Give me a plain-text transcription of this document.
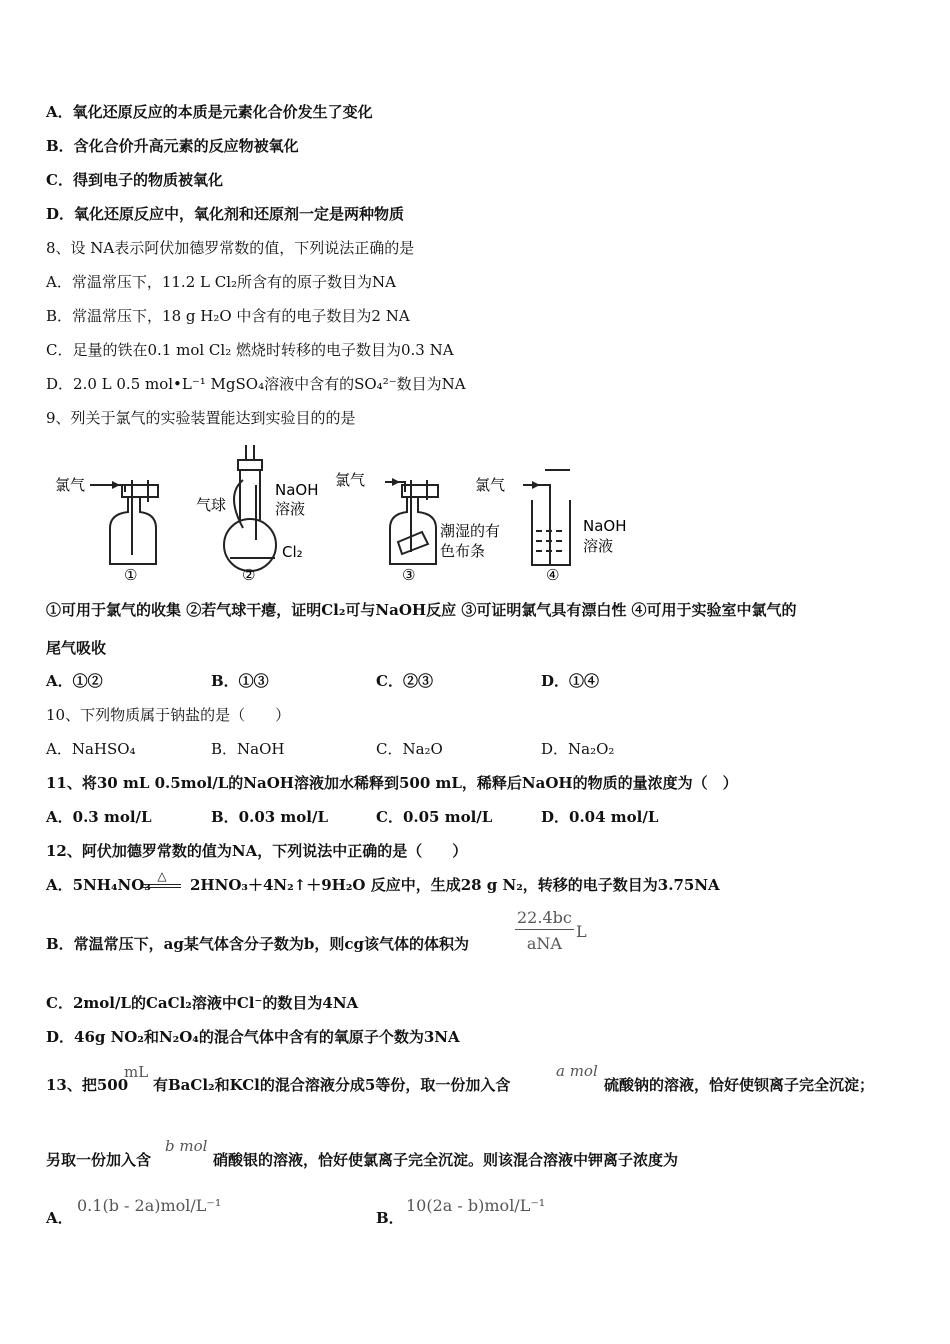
A．氧化还原反应的本质是元素化合价发生了变化
B．含化合价升高元素的反应物被氧化
C．得到电子的物质被氧化
D．氧化还原反应中，氧化剂和还原剂一定是两种物质
8、设 NA表示阿伏加德罗常数的值，下列说法正确的是
A．常温常压下，11.2 L Cl₂所含有的原子数目为NA
B．常温常压下，18 g H₂O 中含有的电子数目为2 NA
C．足量的铁在0.1 mol Cl₂ 燃烧时转移的电子数目为0.3 NA
D．2.0 L 0.5 mol•L⁻¹ MgSO₄溶液中含有的SO₄²⁻数目为NA
9、列关于氯气的实验装置能达到实验目的的是
氯气
气球
NaOH
溶液
Cl₂
氯气
潮湿的有
色布条
氯气
NaOH
溶液
①	②	③	④
①可用于氯气的收集 ②若气球干瘪，证明Cl₂可与NaOH反应 ③可证明氯气具有漂白性 ④可用于实验室中氯气的
尾气吸收
A．①②	B．①③	C．②③	D．①④
10、下列物质属于钠盐的是（　　）
A．NaHSO₄	B．NaOH	C．Na₂O	D．Na₂O₂
11、将30 mL 0.5mol/L的NaOH溶液加水稀释到500 mL，稀释后NaOH的物质的量浓度为（　）
A．0.3 mol/L	B．0.03 mol/L	C．0.05 mol/L	D．0.04 mol/L
12、阿伏加德罗常数的值为NA，下列说法中正确的是（　　）
A．5NH₄NO₃ △	2HNO₃＋4N₂↑＋9H₂O 反应中，生成28 g N₂，转移的电子数目为3.75NA
B．常温常压下，ag某气体含分子数为b，则cg该气体的体积为
22.4bc
aNA
L
C．2mol/L的CaCl₂溶液中Cl⁻的数目为4NA
D．46g NO₂和N₂O₄的混合气体中含有的氧原子个数为3NA
13、把500
mL
有BaCl₂和KCl的混合溶液分成5等份，取一份加入含
a mol
硫酸钠的溶液，恰好使钡离子完全沉淀；
另取一份加入含
b mol
硝酸银的溶液，恰好使氯离子完全沉淀。则该混合溶液中钾离子浓度为
A．
0.1(b - 2a)mol/L⁻¹
B．
10(2a - b)mol/L⁻¹
